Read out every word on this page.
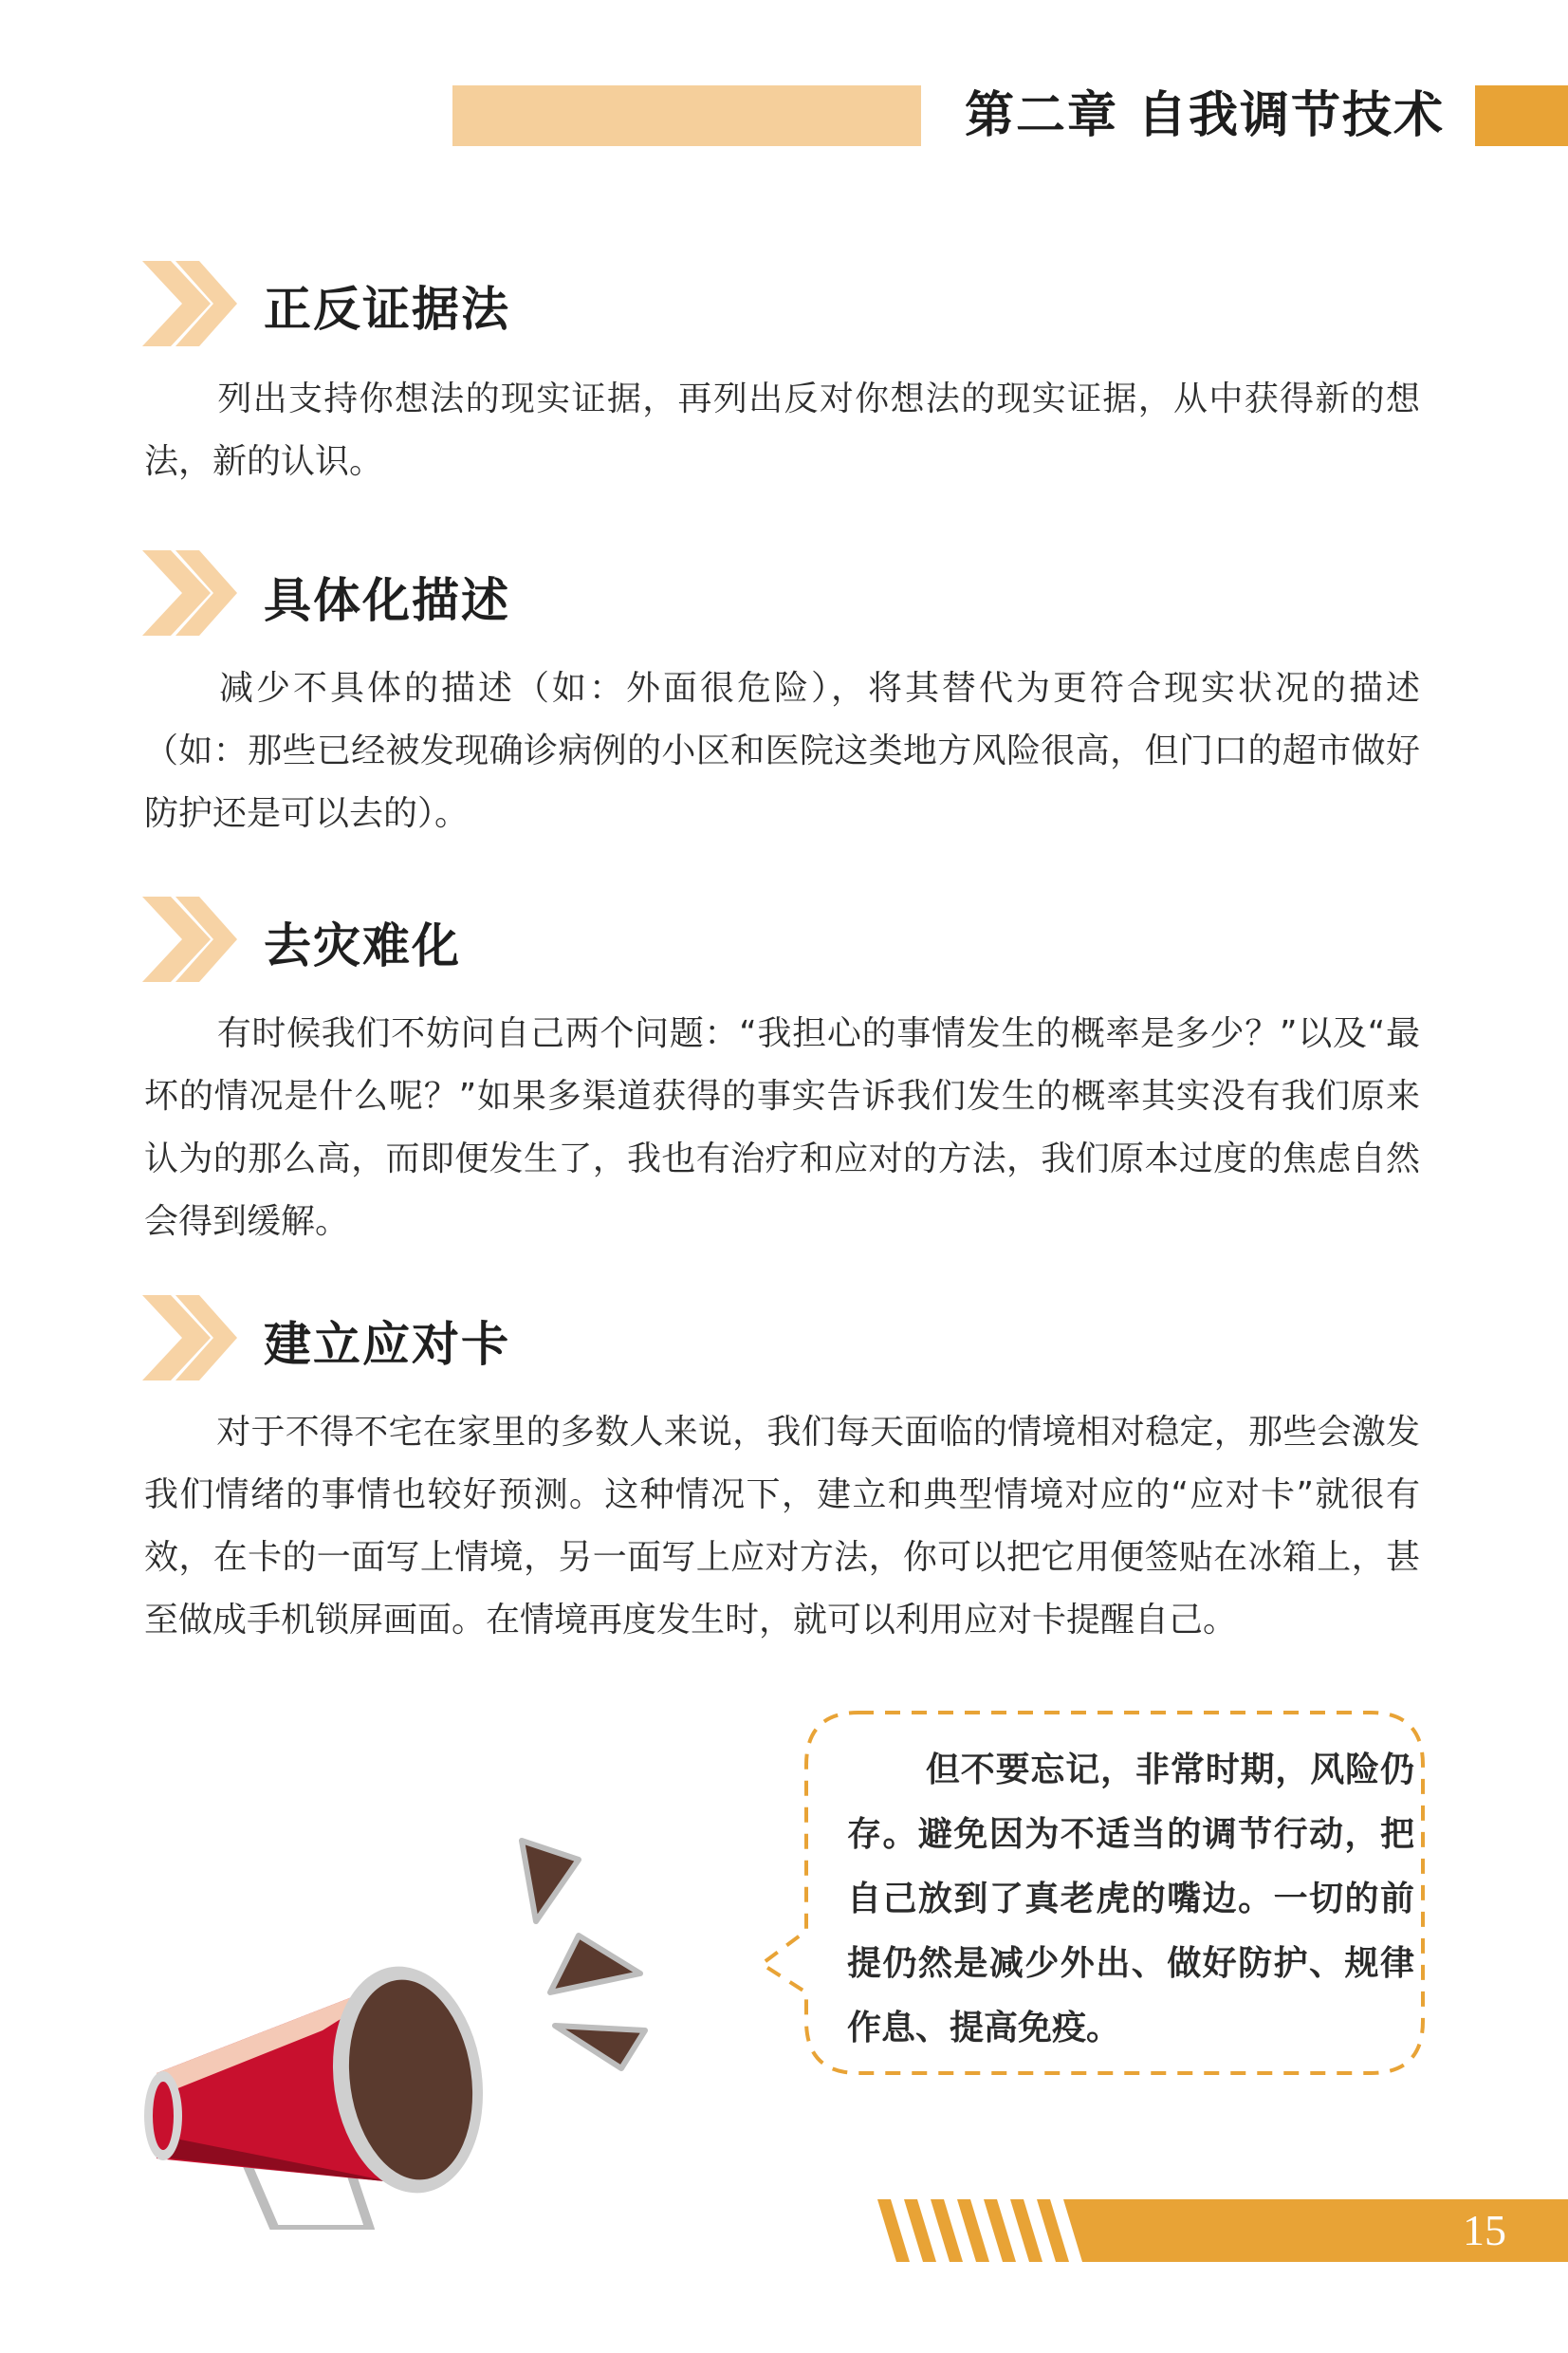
第二章 自我调节技术
正反证据法

列出支持你想法的现实证据，再列出反对你想法的现实证据，从中获得新的想法，新的认识。

具体化描述

减少不具体的描述（如：外面很危险），将其替代为更符合现实状况的描述（如：那些已经被发现确诊病例的小区和医院这类地方风险很高，但门口的超市做好防护还是可以去的）。

去灾难化

有时候我们不妨问自己两个问题：“我担心的事情发生的概率是多少？”以及“最坏的情况是什么呢？”如果多渠道获得的事实告诉我们发生的概率其实没有我们原来认为的那么高，而即便发生了，我也有治疗和应对的方法，我们原本过度的焦虑自然会得到缓解。

建立应对卡

对于不得不宅在家里的多数人来说，我们每天面临的情境相对稳定，那些会激发我们情绪的事情也较好预测。这种情况下，建立和典型情境对应的“应对卡”就很有效，在卡的一面写上情境，另一面写上应对方法，你可以把它用便签贴在冰箱上，甚至做成手机锁屏画面。在情境再度发生时，就可以利用应对卡提醒自己。

但不要忘记，非常时期，风险仍存。避免因为不适当的调节行动，把自己放到了真老虎的嘴边。一切的前提仍然是减少外出、做好防护、规律作息、提高免疫。

15
